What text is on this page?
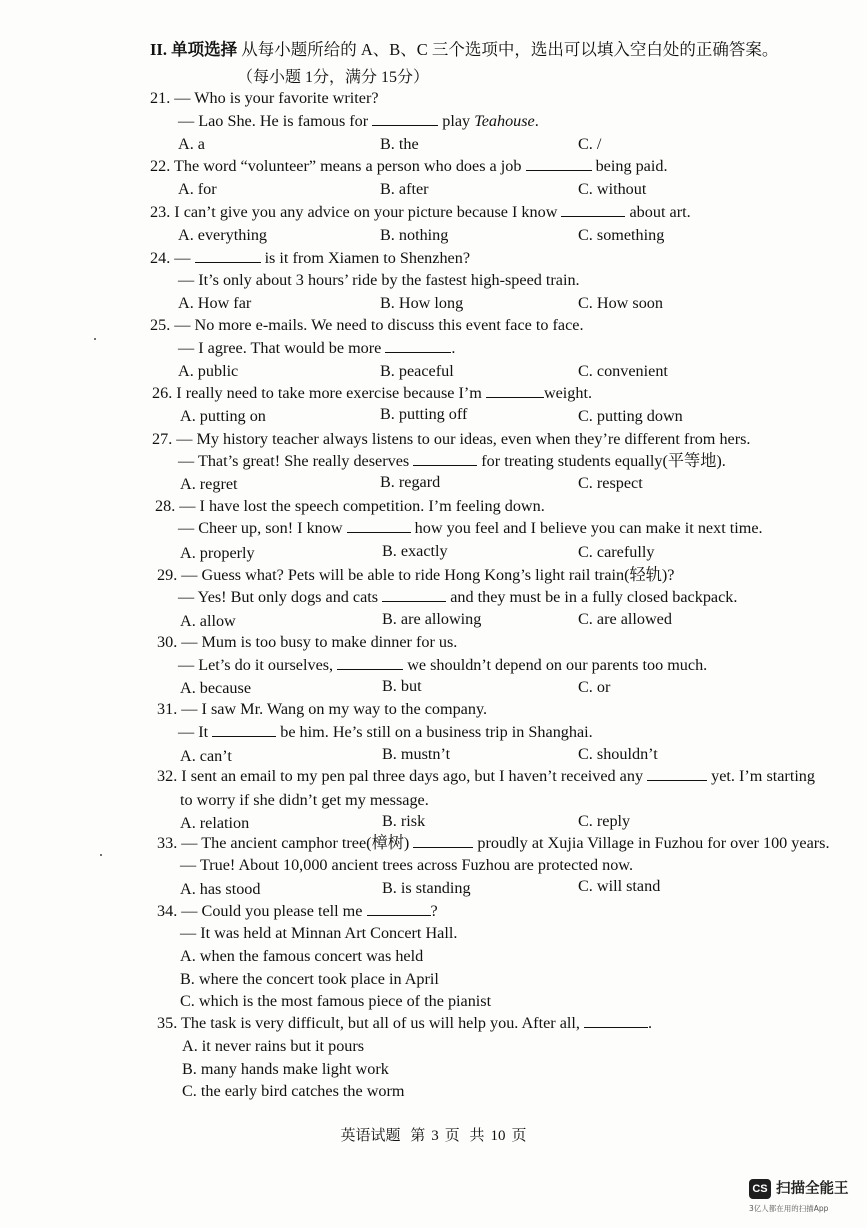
II. 单项选择 从每小题所给的 A、B、C 三个选项中，选出可以填入空白处的正确答案。
（每小题 1分，满分 15分）
21. — Who is your favorite writer?
— Lao She. He is famous for	play Teahouse.
A. a	B. the	C. /
22. The word “volunteer” means a person who does a job	being paid.
A. for	B. after	C. without
23. I can’t give you any advice on your picture because I know	about art.
A. everything	B. nothing	C. something
24. —	is it from Xiamen to Shenzhen?
— It’s only about 3 hours’ ride by the fastest high-speed train.
A. How far	B. How long	C. How soon
25. — No more e-mails. We need to discuss this event face to face.
— I agree. That would be more	.
A. public	B. peaceful	C. convenient
26. I really need to take more exercise because I’m	weight.
A. putting on	B. putting off	C. putting down
27. — My history teacher always listens to our ideas, even when they’re different from hers.
— That’s great! She really deserves	for treating students equally(平等地).
A. regret	B. regard	C. respect
28. — I have lost the speech competition. I’m feeling down.
— Cheer up, son! I know	how you feel and I believe you can make it next time.
A. properly	B. exactly	C. carefully
29. — Guess what? Pets will be able to ride Hong Kong’s light rail train(轻轨)?
— Yes! But only dogs and cats	and they must be in a fully closed backpack.
A. allow	B. are allowing	C. are allowed
30. — Mum is too busy to make dinner for us.
— Let’s do it ourselves,	we shouldn’t depend on our parents too much.
A. because	B. but	C. or
31. — I saw Mr. Wang on my way to the company.
— It	be him. He’s still on a business trip in Shanghai.
A. can’t	B. mustn’t	C. shouldn’t
32. I sent an email to my pen pal three days ago, but I haven’t received any	yet. I’m starting
to worry if she didn’t get my message.
A. relation	B. risk	C. reply
33. — The ancient camphor tree(樟树)	proudly at Xujia Village in Fuzhou for over 100 years.
— True! About 10,000 ancient trees across Fuzhou are protected now.
A. has stood	B. is standing	C. will stand
34. — Could you please tell me	?
— It was held at Minnan Art Concert Hall.
A. when the famous concert was held
B. where the concert took place in April
C. which is the most famous piece of the pianist
35. The task is very difficult, but all of us will help you. After all,	.
A. it never rains but it pours
B. many hands make light work
C. the early bird catches the worm
英语试题 第 3 页 共 10 页
CS 扫描全能王
3亿人都在用的扫描App
